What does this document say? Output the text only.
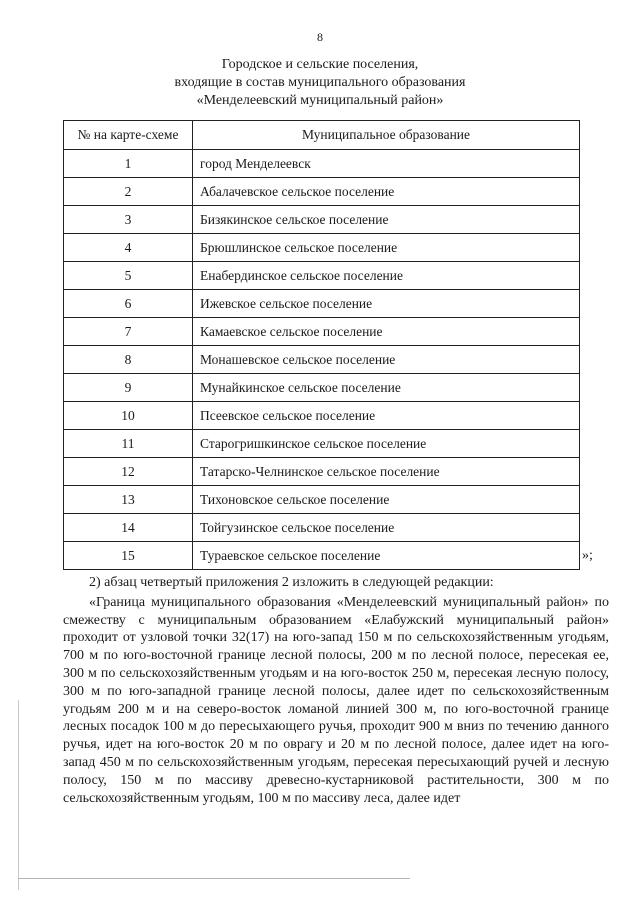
8
Городское и сельские поселения,
входящие в состав муниципального образования
«Менделеевский муниципальный район»
№ на карте-схеме	Муниципальное образование
1	город Менделеевск
2	Абалачевское сельское поселение
3	Бизякинское сельское поселение
4	Брюшлинское сельское поселение
5	Енабердинское сельское поселение
6	Ижевское сельское поселение
7	Камаевское сельское поселение
8	Монашевское сельское поселение
9	Мунайкинское сельское поселение
10	Псеевское сельское поселение
11	Старогришкинское сельское поселение
12	Татарско-Челнинское сельское поселение
13	Тихоновское сельское поселение
14	Тойгузинское сельское поселение
15	Тураевское сельское поселение	»;

2) абзац четвертый приложения 2 изложить в следующей редакции:

«Граница муниципального образования «Менделеевский муниципальный район» по смежеству с муниципальным образованием «Елабужский муниципальный район» проходит от узловой точки 32(17) на юго-запад 150 м по сельскохозяйственным угодьям, 700 м по юго-восточной границе лесной полосы, 200 м по лесной полосе, пересекая ее, 300 м по сельскохозяйственным угодьям и на юго-восток 250 м, пересекая лесную полосу, 300 м по юго-западной границе лесной полосы, далее идет по сельскохозяйственным угодьям 200 м и на северо-восток ломаной линией 300 м, по юго-восточной границе лесных посадок 100 м до пересыхающего ручья, проходит 900 м вниз по течению данного ручья, идет на юго-восток 20 м по оврагу и 20 м по лесной полосе, далее идет на юго-запад 450 м по сельскохозяйственным угодьям, пересекая пересыхающий ручей и лесную полосу, 150 м по массиву древесно-кустарниковой растительности, 300 м по сельскохозяйственным угодьям, 100 м по массиву леса, далее идет
